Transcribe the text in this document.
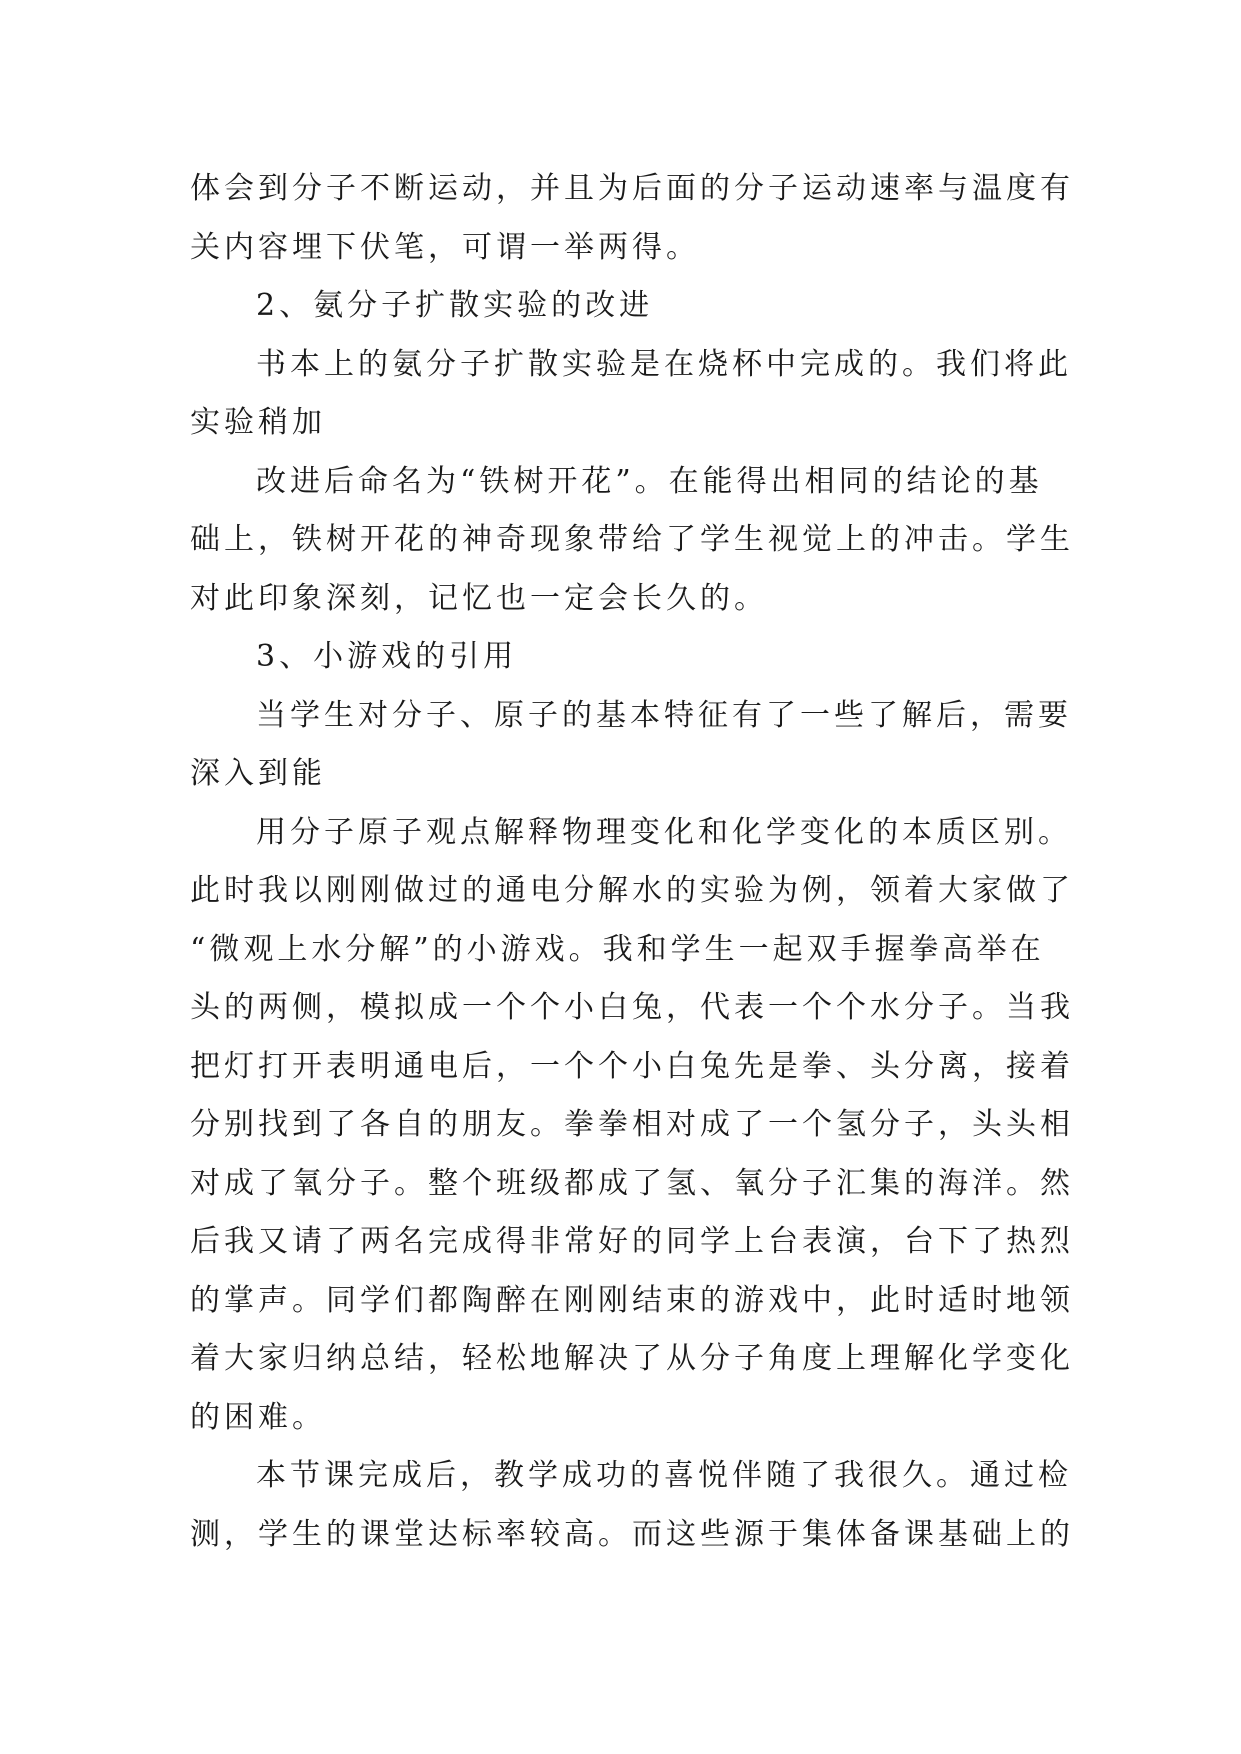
体会到分子不断运动，并且为后面的分子运动速率与温度有
关内容埋下伏笔，可谓一举两得。
2、氨分子扩散实验的改进
书本上的氨分子扩散实验是在烧杯中完成的。我们将此
实验稍加
改进后命名为“铁树开花”。在能得出相同的结论的基
础上，铁树开花的神奇现象带给了学生视觉上的冲击。学生
对此印象深刻，记忆也一定会长久的。
3、小游戏的引用
当学生对分子、原子的基本特征有了一些了解后，需要
深入到能
用分子原子观点解释物理变化和化学变化的本质区别。
此时我以刚刚做过的通电分解水的实验为例，领着大家做了
“微观上水分解”的小游戏。我和学生一起双手握拳高举在
头的两侧，模拟成一个个小白兔，代表一个个水分子。当我
把灯打开表明通电后，一个个小白兔先是拳、头分离，接着
分别找到了各自的朋友。拳拳相对成了一个氢分子，头头相
对成了氧分子。整个班级都成了氢、氧分子汇集的海洋。然
后我又请了两名完成得非常好的同学上台表演，台下了热烈
的掌声。同学们都陶醉在刚刚结束的游戏中，此时适时地领
着大家归纳总结，轻松地解决了从分子角度上理解化学变化
的困难。
本节课完成后，教学成功的喜悦伴随了我很久。通过检
测，学生的课堂达标率较高。而这些源于集体备课基础上的
